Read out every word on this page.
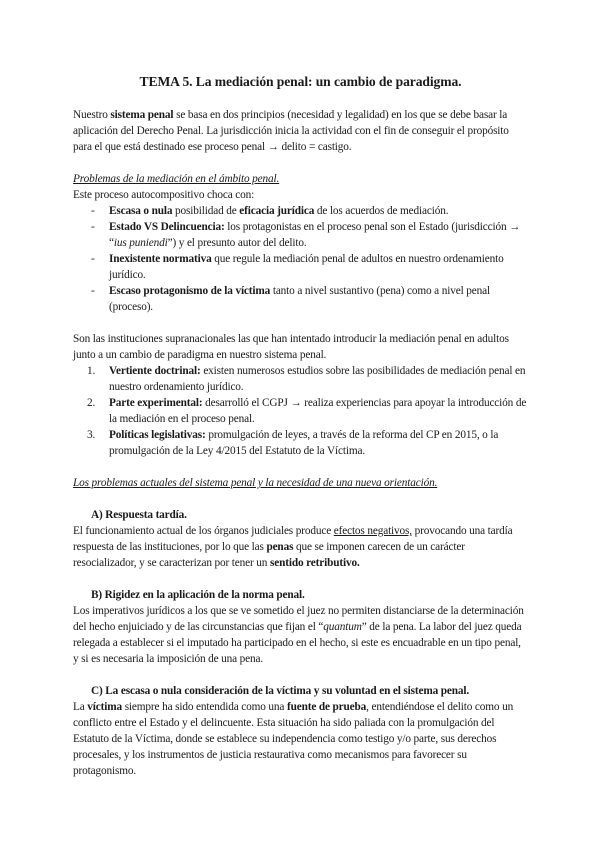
TEMA 5. La mediación penal: un cambio de paradigma.

Nuestro sistema penal se basa en dos principios (necesidad y legalidad) en los que se debe basar la aplicación del Derecho Penal. La jurisdicción inicia la actividad con el fin de conseguir el propósito para el que está destinado ese proceso penal → delito = castigo.

Problemas de la mediación en el ámbito penal.

Este proceso autocompositivo choca con:

- Escasa o nula posibilidad de eficacia jurídica de los acuerdos de mediación.
- Estado VS Delincuencia: los protagonistas en el proceso penal son el Estado (jurisdicción → “ius puniendi”) y el presunto autor del delito.
- Inexistente normativa que regule la mediación penal de adultos en nuestro ordenamiento jurídico.
- Escaso protagonismo de la víctima tanto a nivel sustantivo (pena) como a nivel penal (proceso).

Son las instituciones supranacionales las que han intentado introducir la mediación penal en adultos junto a un cambio de paradigma en nuestro sistema penal.

1. Vertiente doctrinal: existen numerosos estudios sobre las posibilidades de mediación penal en nuestro ordenamiento jurídico.
2. Parte experimental: desarrolló el CGPJ → realiza experiencias para apoyar la introducción de la mediación en el proceso penal.
3. Políticas legislativas: promulgación de leyes, a través de la reforma del CP en 2015, o la promulgación de la Ley 4/2015 del Estatuto de la Víctima.

Los problemas actuales del sistema penal y la necesidad de una nueva orientación.

A) Respuesta tardía.

El funcionamiento actual de los órganos judiciales produce efectos negativos, provocando una tardía respuesta de las instituciones, por lo que las penas que se imponen carecen de un carácter resocializador, y se caracterizan por tener un sentido retributivo.

B) Rigidez en la aplicación de la norma penal.

Los imperativos jurídicos a los que se ve sometido el juez no permiten distanciarse de la determinación del hecho enjuiciado y de las circunstancias que fijan el “quantum” de la pena. La labor del juez queda relegada a establecer si el imputado ha participado en el hecho, si este es encuadrable en un tipo penal, y si es necesaria la imposición de una pena.

C) La escasa o nula consideración de la víctima y su voluntad en el sistema penal.

La víctima siempre ha sido entendida como una fuente de prueba, entendiéndose el delito como un conflicto entre el Estado y el delincuente. Esta situación ha sido paliada con la promulgación del Estatuto de la Víctima, donde se establece su independencia como testigo y/o parte, sus derechos procesales, y los instrumentos de justicia restaurativa como mecanismos para favorecer su protagonismo.
